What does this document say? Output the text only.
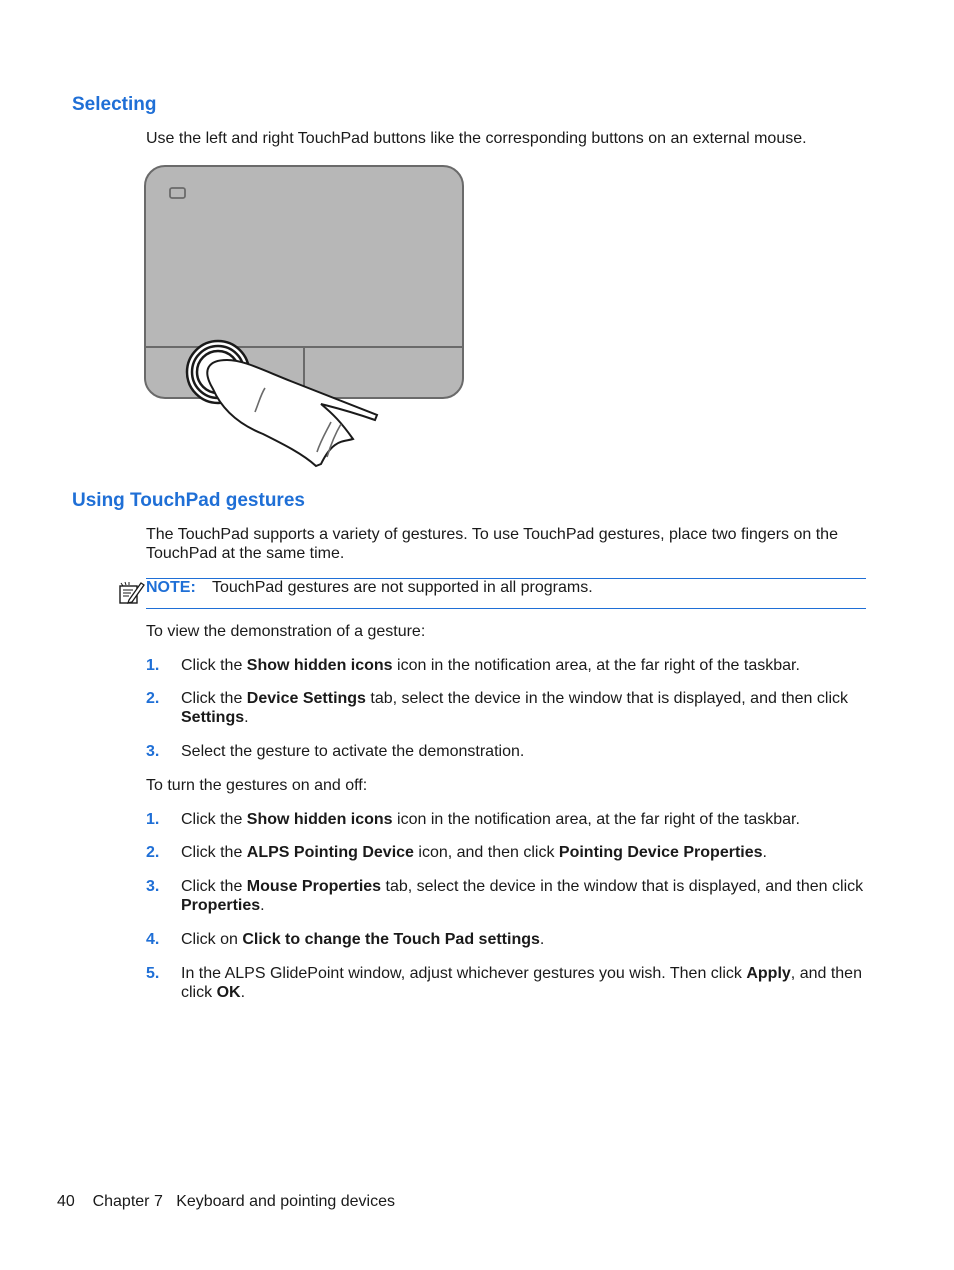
Selecting

Use the left and right TouchPad buttons like the corresponding buttons on an external mouse.

Using TouchPad gestures

The TouchPad supports a variety of gestures. To use TouchPad gestures, place two fingers on the TouchPad at the same time.

NOTE: TouchPad gestures are not supported in all programs.

To view the demonstration of a gesture:

1. Click the Show hidden icons icon in the notification area, at the far right of the taskbar.
2. Click the Device Settings tab, select the device in the window that is displayed, and then click Settings.
3. Select the gesture to activate the demonstration.

To turn the gestures on and off:

1. Click the Show hidden icons icon in the notification area, at the far right of the taskbar.
2. Click the ALPS Pointing Device icon, and then click Pointing Device Properties.
3. Click the Mouse Properties tab, select the device in the window that is displayed, and then click Properties.
4. Click on Click to change the Touch Pad settings.
5. In the ALPS GlidePoint window, adjust whichever gestures you wish. Then click Apply, and then click OK.
40 Chapter 7 Keyboard and pointing devices
